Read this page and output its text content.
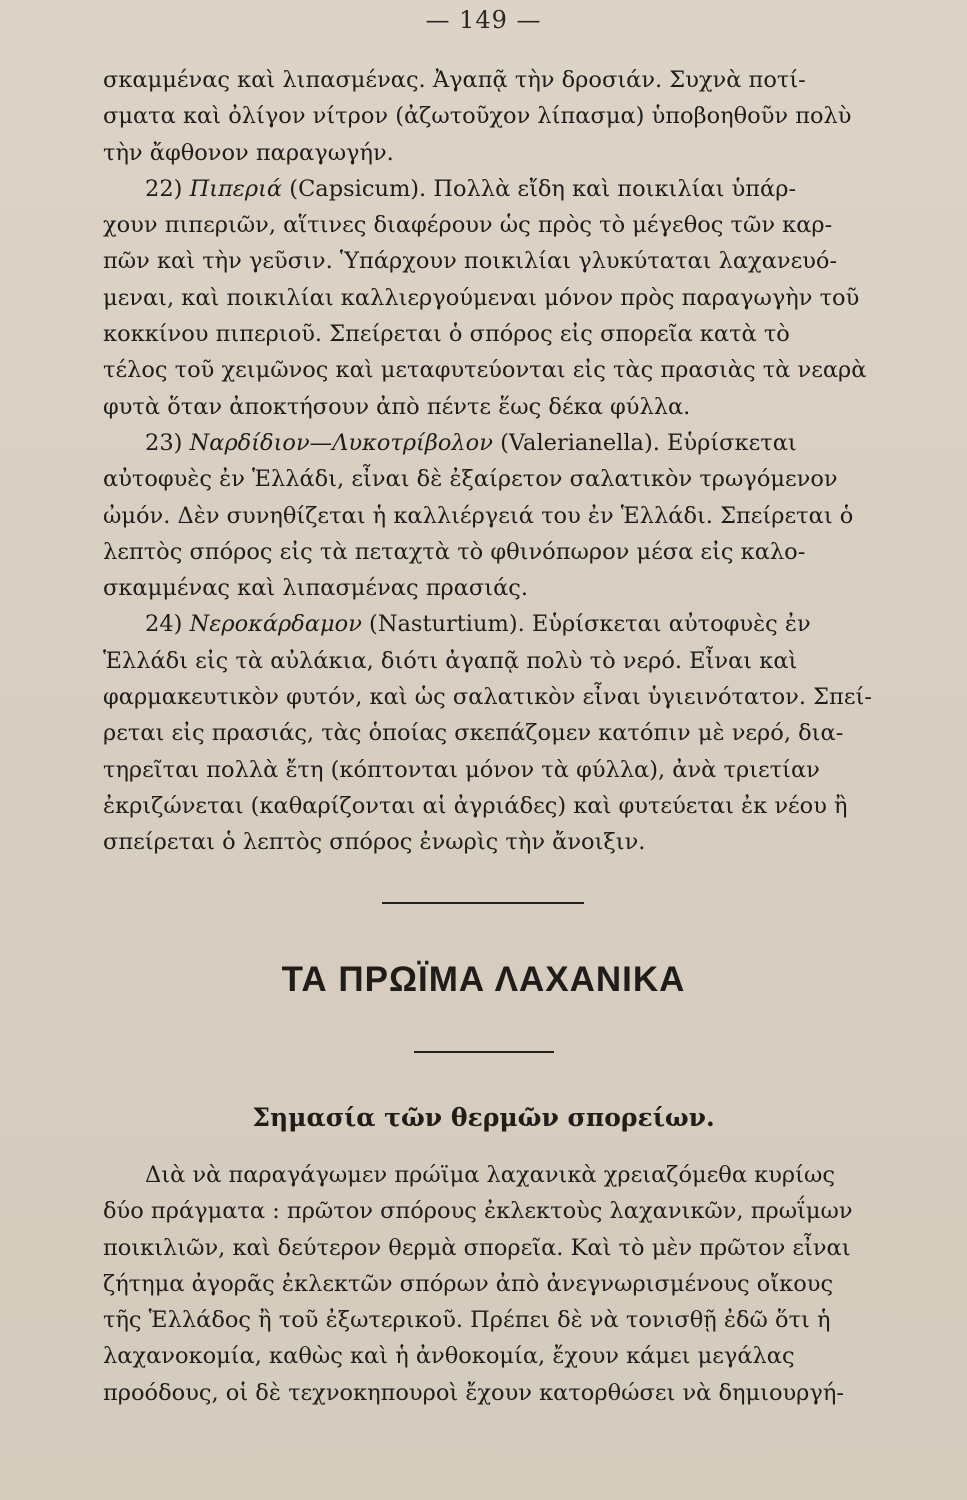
— 149 —
σκαμμένας καὶ λιπασμένας. Ἀγαπᾷ τὴν δροσιάν. Συχνὰ ποτί-
σματα καὶ ὀλίγον νίτρον (ἀζωτοῦχον λίπασμα) ὑποβοηθοῦν πολὺ
τὴν ἄφθονον παραγωγήν.
22) Πιπεριά (Capsicum). Πολλὰ εἴδη καὶ ποικιλίαι ὑπάρ-
χουν πιπεριῶν, αἵτινες διαφέρουν ὡς πρὸς τὸ μέγεθος τῶν καρ-
πῶν καὶ τὴν γεῦσιν. Ὑπάρχουν ποικιλίαι γλυκύταται λαχανευό-
μεναι, καὶ ποικιλίαι καλλιεργούμεναι μόνον πρὸς παραγωγὴν τοῦ
κοκκίνου πιπεριοῦ. Σπείρεται ὁ σπόρος εἰς σπορεῖα κατὰ τὸ
τέλος τοῦ χειμῶνος καὶ μεταφυτεύονται εἰς τὰς πρασιὰς τὰ νεαρὰ
φυτὰ ὅταν ἀποκτήσουν ἀπὸ πέντε ἕως δέκα φύλλα.
23) Ναρδίδιον—Λυκοτρίβολον (Valerianella). Εὑρίσκεται
αὐτοφυὲς ἐν Ἑλλάδι, εἶναι δὲ ἐξαίρετον σαλατικὸν τρωγόμενον
ὠμόν. Δὲν συνηθίζεται ἡ καλλιέργειά του ἐν Ἑλλάδι. Σπείρεται ὁ
λεπτὸς σπόρος εἰς τὰ πεταχτὰ τὸ φθινόπωρον μέσα εἰς καλο-
σκαμμένας καὶ λιπασμένας πρασιάς.
24) Νεροκάρδαμον (Nasturtium). Εὑρίσκεται αὐτοφυὲς ἐν
Ἑλλάδι εἰς τὰ αὐλάκια, διότι ἀγαπᾷ πολὺ τὸ νερό. Εἶναι καὶ
φαρμακευτικὸν φυτόν, καὶ ὡς σαλατικὸν εἶναι ὑγιεινότατον. Σπεί-
ρεται εἰς πρασιάς, τὰς ὁποίας σκεπάζομεν κατόπιν μὲ νερό, δια-
τηρεῖται πολλὰ ἔτη (κόπτονται μόνον τὰ φύλλα), ἀνὰ τριετίαν
ἐκριζώνεται (καθαρίζονται αἱ ἀγριάδες) καὶ φυτεύεται ἐκ νέου ἢ
σπείρεται ὁ λεπτὸς σπόρος ἐνωρὶς τὴν ἄνοιξιν.
ΤΑ ΠΡΩΪΜΑ ΛΑΧΑΝΙΚΑ
Σημασία τῶν θερμῶν σπορείων.
Διὰ νὰ παραγάγωμεν πρώϊμα λαχανικὰ χρειαζόμεθα κυρίως
δύο πράγματα : πρῶτον σπόρους ἐκλεκτοὺς λαχανικῶν, πρωΐμων
ποικιλιῶν, καὶ δεύτερον θερμὰ σπορεῖα. Καὶ τὸ μὲν πρῶτον εἶναι
ζήτημα ἀγορᾶς ἐκλεκτῶν σπόρων ἀπὸ ἀνεγνωρισμένους οἴκους
τῆς Ἑλλάδος ἢ τοῦ ἐξωτερικοῦ. Πρέπει δὲ νὰ τονισθῇ ἐδῶ ὅτι ἡ
λαχανοκομία, καθὼς καὶ ἡ ἀνθοκομία, ἔχουν κάμει μεγάλας
προόδους, οἱ δὲ τεχνοκηπουροὶ ἔχουν κατορθώσει νὰ δημιουργή-
